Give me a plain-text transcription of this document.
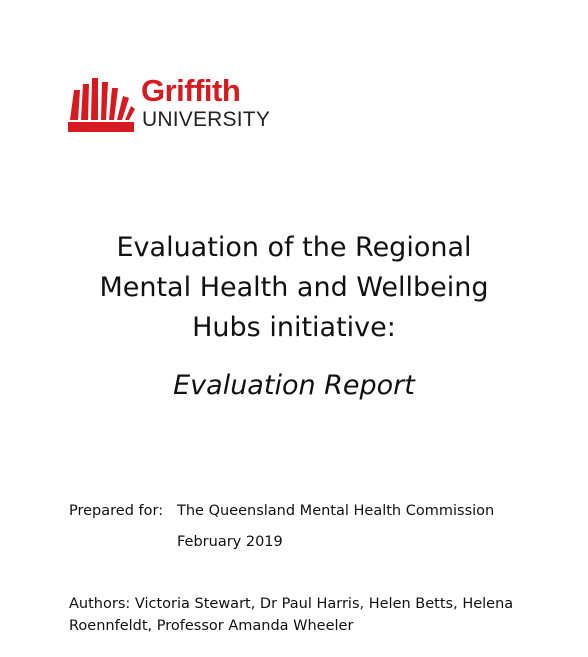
Griffith
UNIVERSITY
Evaluation of the Regional
Mental Health and Wellbeing
Hubs initiative:
Evaluation Report
Prepared for: The Queensland Mental Health Commission
February 2019
Authors: Victoria Stewart, Dr Paul Harris, Helen Betts, Helena
Roennfeldt, Professor Amanda Wheeler
